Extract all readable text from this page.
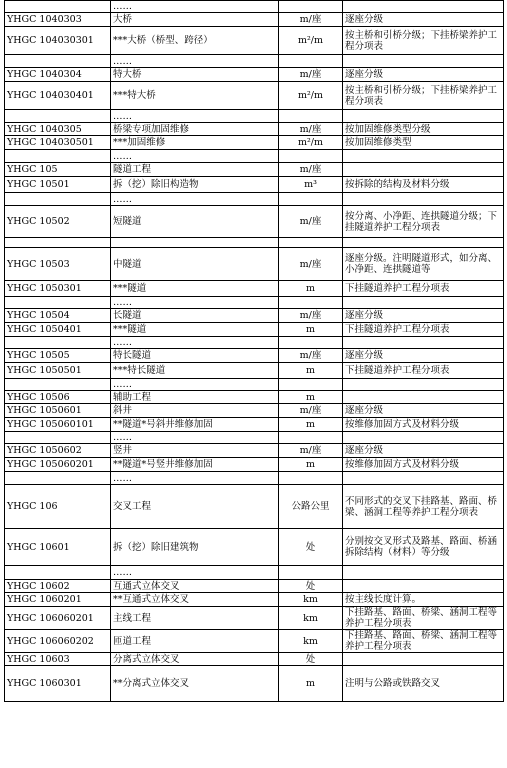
	……		
YHGC 1040303	大桥	m/座	逐座分级
YHGC 104030301	***大桥（桥型、跨径）	m²/m	按主桥和引桥分级；下挂桥梁养护工程分项表
	……		
YHGC 1040304	特大桥	m/座	逐座分级
YHGC 104030401	***特大桥	m²/m	按主桥和引桥分级；下挂桥梁养护工程分项表
	……		
YHGC 1040305	桥梁专项加固维修	m/座	按加固维修类型分级
YHGC 104030501	***加固维修	m²/m	按加固维修类型
	……		
YHGC 105	隧道工程	m/座	
YHGC 10501	拆（挖）除旧构造物	m³	按拆除的结构及材料分级
	……		
YHGC 10502	短隧道	m/座	按分离、小净距、连拱隧道分级；下挂隧道养护工程分项表

YHGC 10503	中隧道	m/座	逐座分级。注明隧道形式，如分离、小净距、连拱隧道等
YHGC 1050301	***隧道	m	下挂隧道养护工程分项表
	……		
YHGC 10504	长隧道	m/座	逐座分级
YHGC 1050401	***隧道	m	下挂隧道养护工程分项表
	……		
YHGC 10505	特长隧道	m/座	逐座分级
YHGC 1050501	***特长隧道	m	下挂隧道养护工程分项表
	……		
YHGC 10506	辅助工程	m	
YHGC 1050601	斜井	m/座	逐座分级
YHGC 105060101	**隧道*号斜井维修加固	m	按维修加固方式及材料分级
	……		
YHGC 1050602	竖井	m/座	逐座分级
YHGC 105060201	**隧道*号竖井维修加固	m	按维修加固方式及材料分级
	……		
YHGC 106	交叉工程	公路公里	不同形式的交叉下挂路基、路面、桥梁、涵洞工程等养护工程分项表
YHGC 10601	拆（挖）除旧建筑物	处	分别按交叉形式及路基、路面、桥涵拆除结构（材料）等分级
	……		
YHGC 10602	互通式立体交叉	处	
YHGC 1060201	**互通式立体交叉	km	按主线长度计算。
YHGC 106060201	主线工程	km	下挂路基、路面、桥梁、涵洞工程等养护工程分项表
YHGC 106060202	匝道工程	km	下挂路基、路面、桥梁、涵洞工程等养护工程分项表
YHGC 10603	分离式立体交叉	处	
YHGC 1060301	**分离式立体交叉	m	注明与公路或铁路交叉
